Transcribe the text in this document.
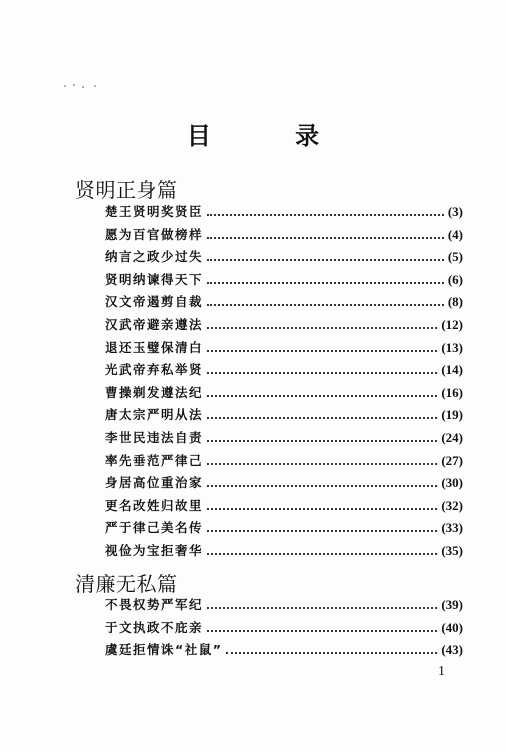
目 录
贤明正身篇
楚王贤明奖贤臣	(3)
愿为百官做榜样	(4)
纳言之政少过失	(5)
贤明纳谏得天下	(6)
汉文帝遏剪自裁	(8)
汉武帝避亲遵法	(12)
退还玉璧保清白	(13)
光武帝弃私举贤	(14)
曹操剃发遵法纪	(16)
唐太宗严明从法	(19)
李世民违法自责	(24)
率先垂范严律己	(27)
身居高位重治家	(30)
更名改姓归故里	(32)
严于律己美名传	(33)
视俭为宝拒奢华	(35)
清廉无私篇
不畏权势严军纪	(39)
于文执政不庇亲	(40)
虞廷拒情诛“社鼠”	(43)
1
